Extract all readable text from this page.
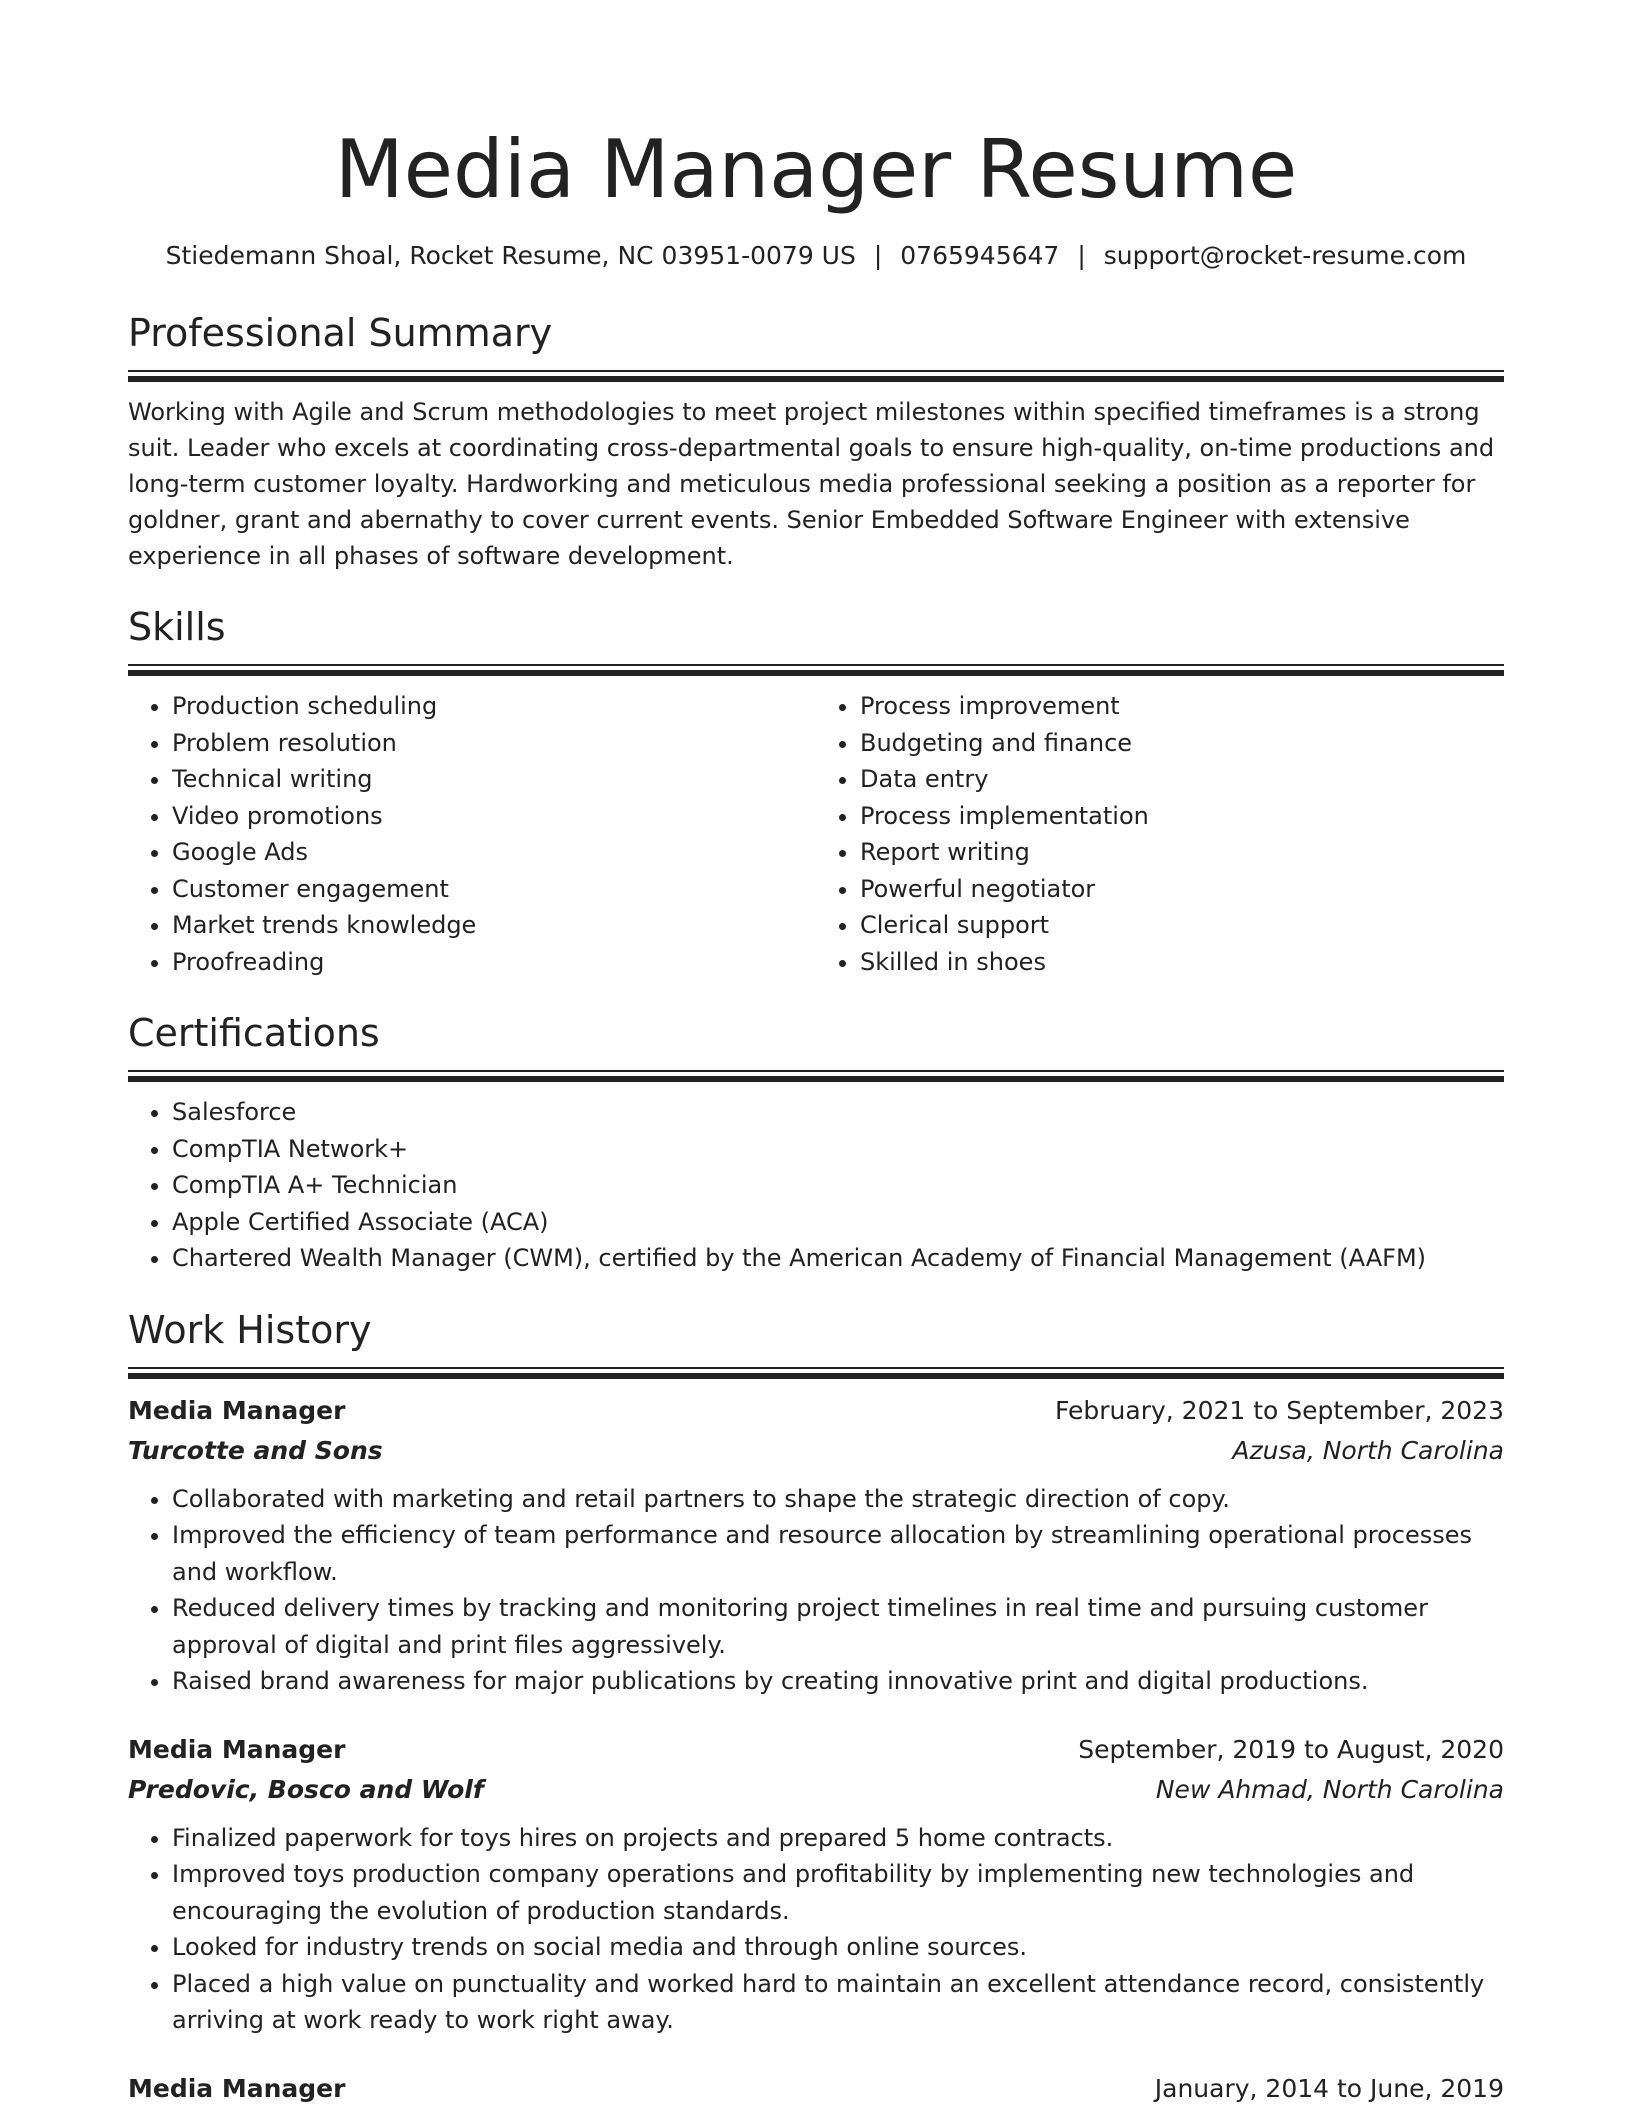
Media Manager Resume
Stiedemann Shoal, Rocket Resume, NC 03951-0079 US | 0765945647 | support@rocket-resume.com
Professional Summary

Working with Agile and Scrum methodologies to meet project milestones within specified timeframes is a strong suit. Leader who excels at coordinating cross-departmental goals to ensure high-quality, on-time productions and long-term customer loyalty. Hardworking and meticulous media professional seeking a position as a reporter for goldner, grant and abernathy to cover current events. Senior Embedded Software Engineer with extensive experience in all phases of software development.

Skills
• Production scheduling
• Problem resolution
• Technical writing
• Video promotions
• Google Ads
• Customer engagement
• Market trends knowledge
• Proofreading
• Process improvement
• Budgeting and finance
• Data entry
• Process implementation
• Report writing
• Powerful negotiator
• Clerical support
• Skilled in shoes
Certifications
• Salesforce
• CompTIA Network+
• CompTIA A+ Technician
• Apple Certified Associate (ACA)
• Chartered Wealth Manager (CWM), certified by the American Academy of Financial Management (AAFM)
Work History
Media Manager	February, 2021 to September, 2023
Turcotte and Sons	Azusa, North Carolina
• Collaborated with marketing and retail partners to shape the strategic direction of copy.
• Improved the efficiency of team performance and resource allocation by streamlining operational processes and workflow.
• Reduced delivery times by tracking and monitoring project timelines in real time and pursuing customer approval of digital and print files aggressively.
• Raised brand awareness for major publications by creating innovative print and digital productions.
Media Manager	September, 2019 to August, 2020
Predovic, Bosco and Wolf	New Ahmad, North Carolina
• Finalized paperwork for toys hires on projects and prepared 5 home contracts.
• Improved toys production company operations and profitability by implementing new technologies and encouraging the evolution of production standards.
• Looked for industry trends on social media and through online sources.
• Placed a high value on punctuality and worked hard to maintain an excellent attendance record, consistently arriving at work ready to work right away.
Media Manager	January, 2014 to June, 2019
